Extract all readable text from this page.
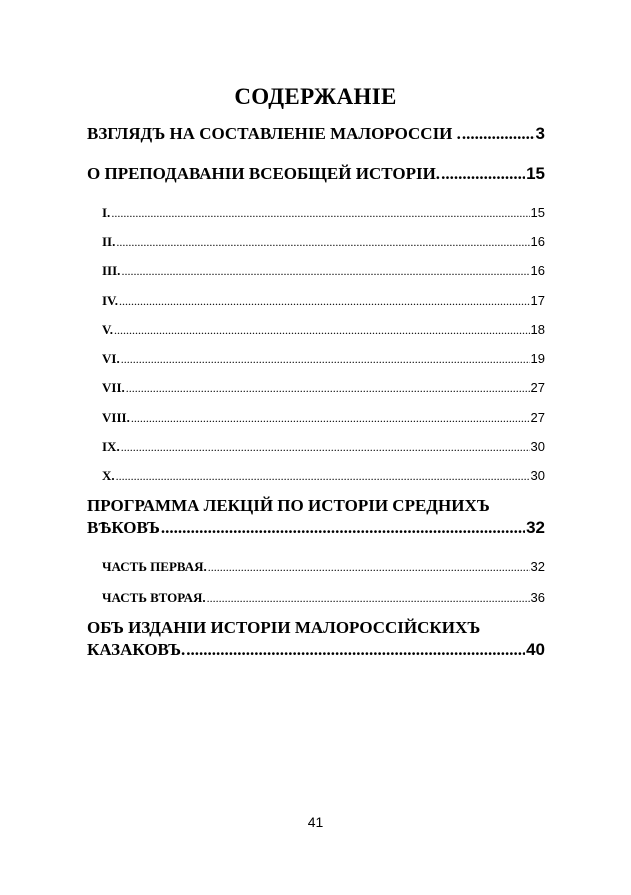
СОДЕРЖАНІЕ
ВЗГЛЯДЪ НА СОСТАВЛЕНІЕ МАЛОРОССІИ . .....	3
О ПРЕПОДАВАНІИ ВСЕОБЩЕЙ ИСТОРІИ. .....	15
I. .....	15
II. .....	16
III. .....	16
IV. .....	17
V. .....	18
VI. .....	19
VII. .....	27
VIII. .....	27
IX. .....	30
X. .....	30
ПРОГРАММА ЛЕКЦІЙ ПО ИСТОРІИ СРЕДНИХЪ
ВѢКОВЪ .....	32
ЧАСТЬ ПЕРВАЯ. .....	32
ЧАСТЬ ВТОРАЯ. .....	36
ОБЪ ИЗДАНІИ ИСТОРІИ МАЛОРОССІЙСКИХЪ
КАЗАКОВЪ. .....	40
41
